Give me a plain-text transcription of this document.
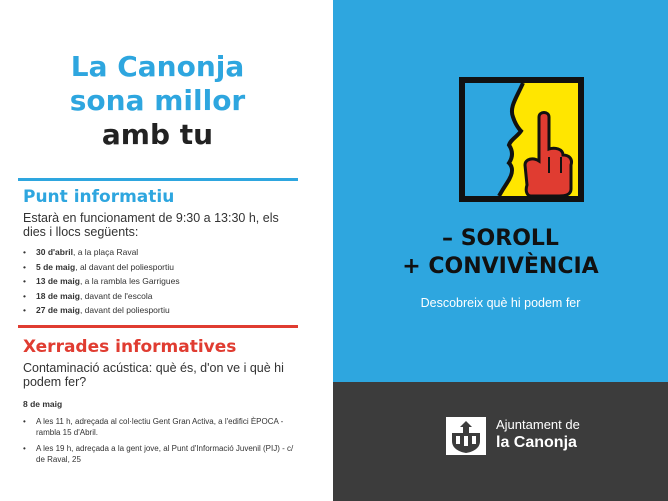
La Canonja
sona millor
amb tu
Punt informatiu
Estarà en funcionament de 9:30 a 13:30 h, els dies i llocs següents:
• 30 d'abril, a la plaça Raval
• 5 de maig, al davant del poliesportiu
• 13 de maig, a la rambla les Garrigues
• 18 de maig, davant de l'escola
• 27 de maig, davant del poliesportiu
Xerrades informatives
Contaminació acústica: què és, d'on ve i què hi podem fer?
8 de maig
• A les 11 h, adreçada al col·lectiu Gent Gran Activa, a l'edifici ÈPOCA - rambla 15 d'Abril.
• A les 19 h, adreçada a la gent jove, al Punt d'Informació Juvenil (PIJ) - c/ de Raval, 25
– SOROLL
+ CONVIVÈNCIA
Descobreix què hi podem fer
Ajuntament de
la Canonja
